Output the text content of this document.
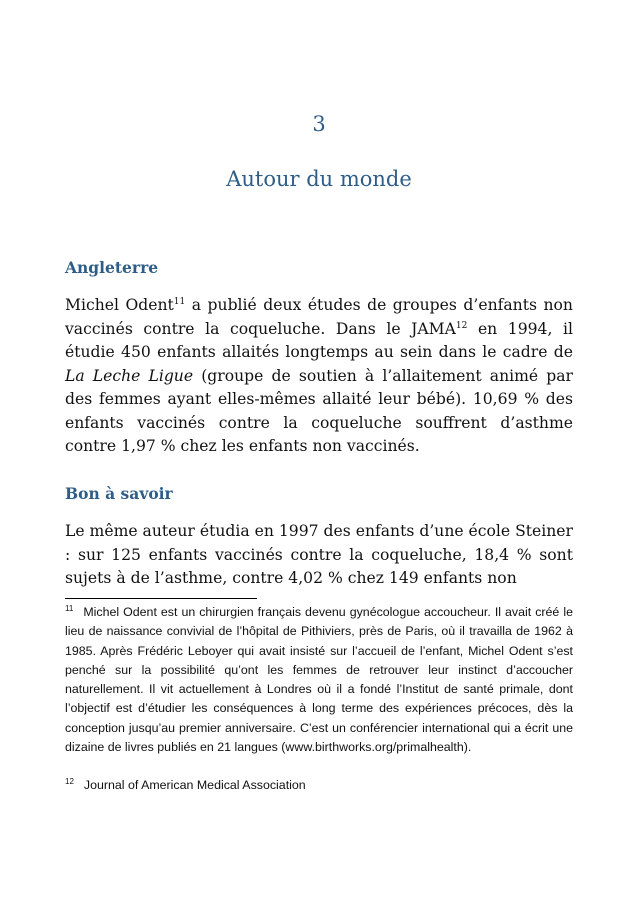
3
Autour du monde
Angleterre
Michel Odent$^{11}$ a publié deux études de groupes d’enfants non vaccinés contre la coqueluche. Dans le JAMA$^{12}$ en 1994, il étudie 450 enfants allaités longtemps au sein dans le cadre de La Leche Ligue (groupe de soutien à l’allaitement animé par des femmes ayant elles-mêmes allaité leur bébé). 10,69 % des enfants vaccinés contre la coqueluche souffrent d’asthme contre 1,97 % chez les enfants non vaccinés.
Bon à savoir
Le même auteur étudia en 1997 des enfants d’une école Steiner : sur 125 enfants vaccinés contre la coqueluche, 18,4 % sont sujets à de l’asthme, contre 4,02 % chez 149 enfants non
$^{11}$ Michel Odent est un chirurgien français devenu gynécologue accoucheur. Il avait créé le lieu de naissance convivial de l’hôpital de Pithiviers, près de Paris, où il travailla de 1962 à 1985. Après Frédéric Leboyer qui avait insisté sur l’accueil de l’enfant, Michel Odent s’est penché sur la possibilité qu’ont les femmes de retrouver leur instinct d’accoucher naturellement. Il vit actuellement à Londres où il a fondé l’Institut de santé primale, dont l’objectif est d’étudier les conséquences à long terme des expériences précoces, dès la conception jusqu’au premier anniversaire. C’est un conférencier international qui a écrit une dizaine de livres publiés en 21 langues (www.birthworks.org/primalhealth).
$^{12}$ Journal of American Medical Association
